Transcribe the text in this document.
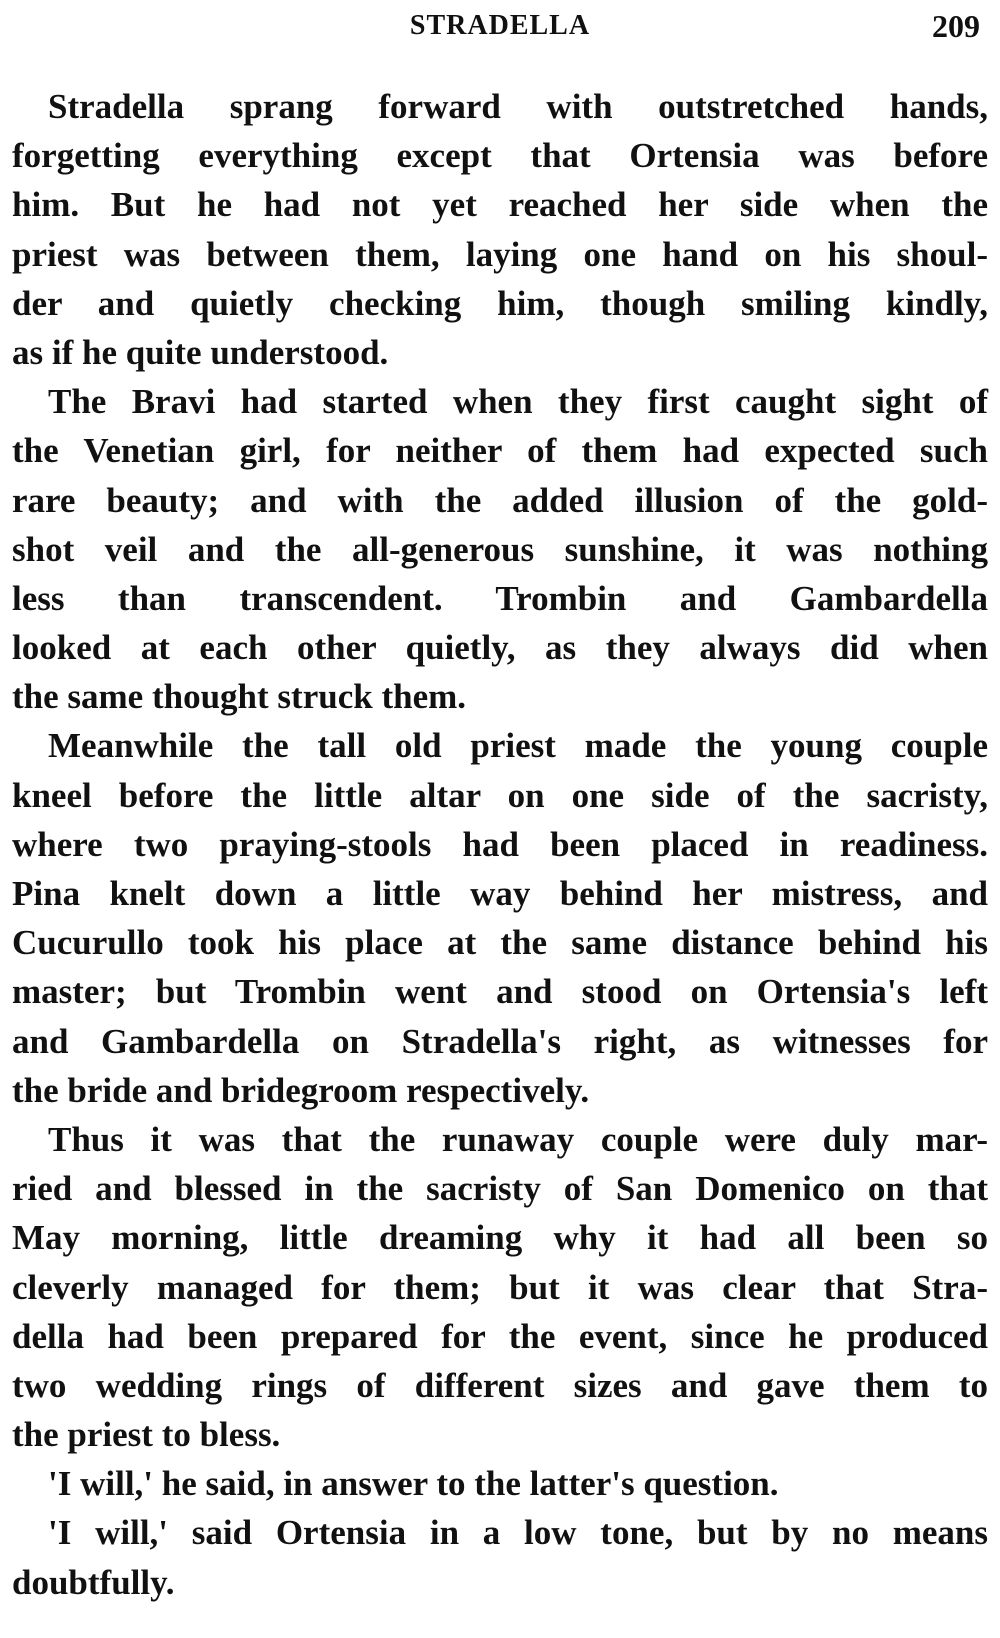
STRADELLA	209
Stradella sprang forward with outstretched hands,
forgetting everything except that Ortensia was before
him. But he had not yet reached her side when the
priest was between them, laying one hand on his shoul-
der and quietly checking him, though smiling kindly,
as if he quite understood.
The Bravi had started when they first caught sight of
the Venetian girl, for neither of them had expected such
rare beauty; and with the added illusion of the gold-
shot veil and the all-generous sunshine, it was nothing
less than transcendent. Trombin and Gambardella
looked at each other quietly, as they always did when
the same thought struck them.
Meanwhile the tall old priest made the young couple
kneel before the little altar on one side of the sacristy,
where two praying-stools had been placed in readiness.
Pina knelt down a little way behind her mistress, and
Cucurullo took his place at the same distance behind his
master; but Trombin went and stood on Ortensia's left
and Gambardella on Stradella's right, as witnesses for
the bride and bridegroom respectively.
Thus it was that the runaway couple were duly mar-
ried and blessed in the sacristy of San Domenico on that
May morning, little dreaming why it had all been so
cleverly managed for them; but it was clear that Stra-
della had been prepared for the event, since he produced
two wedding rings of different sizes and gave them to
the priest to bless.
'I will,' he said, in answer to the latter's question.
'I will,' said Ortensia in a low tone, but by no means
doubtfully.
